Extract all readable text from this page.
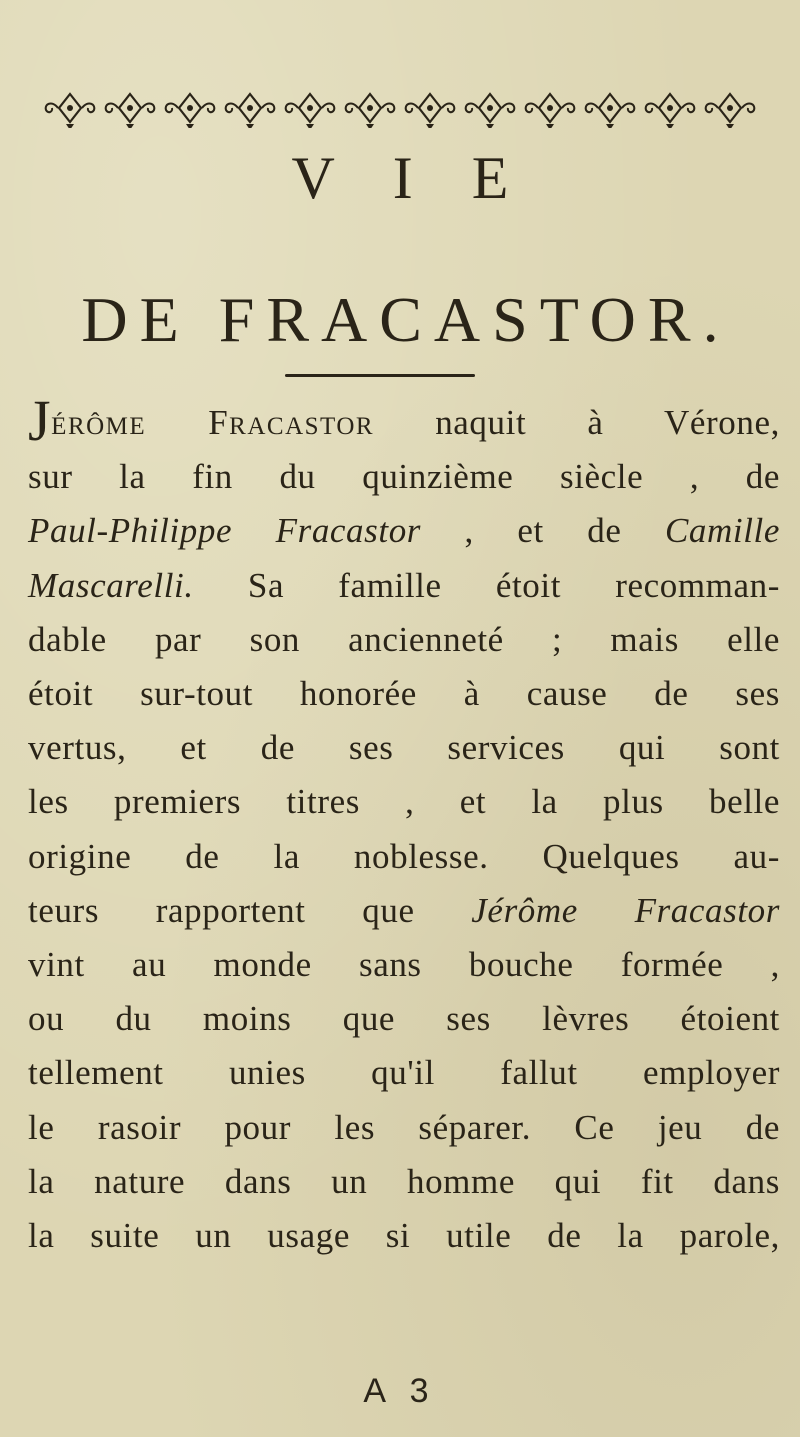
V I E
DE FRACASTOR.
Jérôme Fracastor naquit à Vérone,
sur la fin du quinzième siècle , de
Paul-Philippe Fracastor , et de Camille
Mascarelli. Sa famille étoit recomman-
dable par son ancienneté ; mais elle
étoit sur-tout honorée à cause de ses
vertus, et de ses services qui sont
les premiers titres , et la plus belle
origine de la noblesse. Quelques au-
teurs rapportent que Jérôme Fracastor
vint au monde sans bouche formée ,
ou du moins que ses lèvres étoient
tellement unies qu'il fallut employer
le rasoir pour les séparer. Ce jeu de
la nature dans un homme qui fit dans
la suite un usage si utile de la parole,
A 3
